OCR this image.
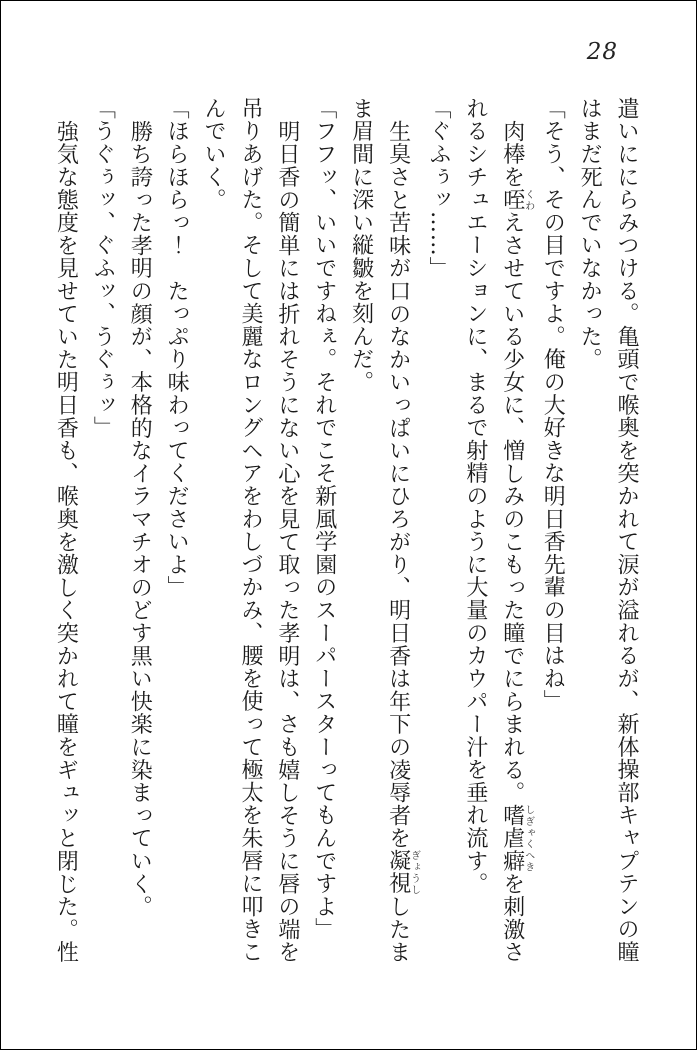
28

遣いににらみつける。亀頭で喉奥を突かれて涙が溢れるが、新体操部キャプテンの瞳はまだ死んでいなかった。

「そう、その目ですよ。俺の大好きな明日香先輩の目はね」

肉棒を咥くわえさせている少女に、憎しみのこもった瞳でにらまれる。嗜虐癖しぎゃくへきを刺激されるシチュエーションに、まるで射精のように大量のカウパー汁を垂れ流す。

「ぐふぅッ……」

生臭さと苦味が口のなかいっぱいにひろがり、明日香は年下の凌辱者を凝視ぎょうししたまま眉間に深い縦皺を刻んだ。

「フフッ、いいですねぇ。それでこそ新風学園のスーパースターってもんですよ」

明日香の簡単には折れそうにない心を見て取った孝明は、さも嬉しそうに唇の端を吊りあげた。そして美麗なロングヘアをわしづかみ、腰を使って極太を朱唇に叩きこんでいく。

「ほらほらっ！　たっぷり味わってくださいよ」

勝ち誇った孝明の顔が、本格的なイラマチオのどす黒い快楽に染まっていく。

「うぐぅッ、ぐふッ、うぐぅッ」

強気な態度を見せていた明日香も、喉奥を激しく突かれて瞳をギュッと閉じた。性
